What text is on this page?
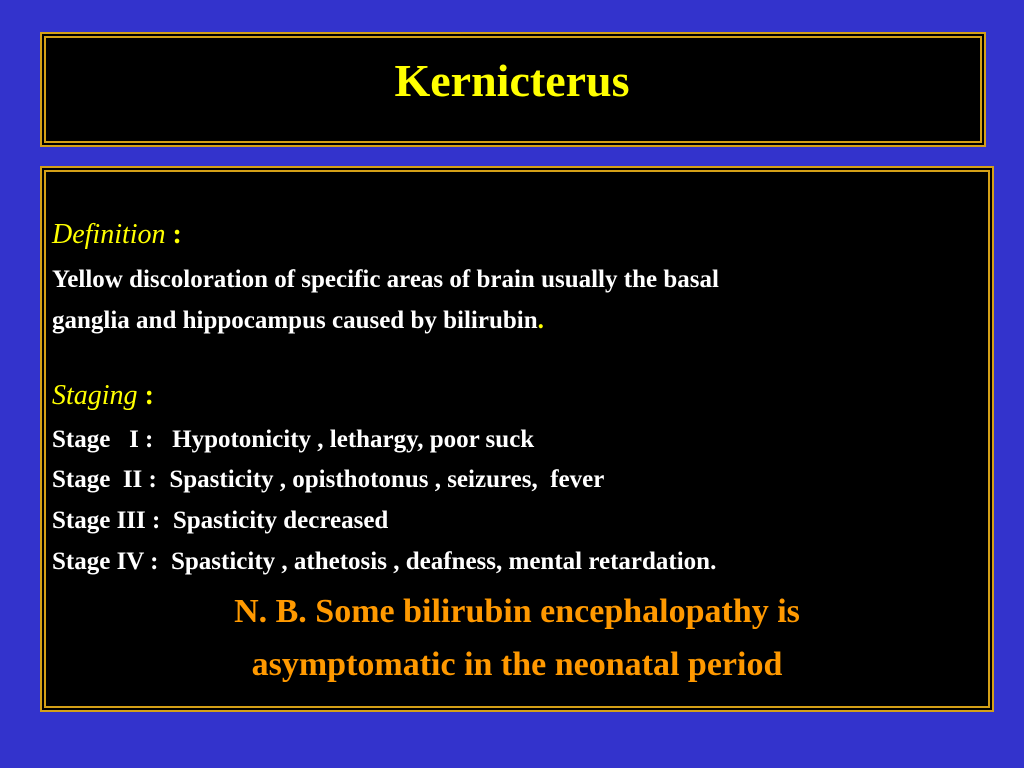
Kernicterus

Definition :

Yellow discoloration of specific areas of brain usually the basal

ganglia and hippocampus caused by bilirubin.

Staging :

Stage   I :   Hypotonicity , lethargy, poor suck

Stage  II :  Spasticity , opisthotonus , seizures,  fever

Stage III :  Spasticity decreased

Stage IV :  Spasticity , athetosis , deafness, mental retardation.

N. B. Some bilirubin encephalopathy is

asymptomatic in the neonatal period
